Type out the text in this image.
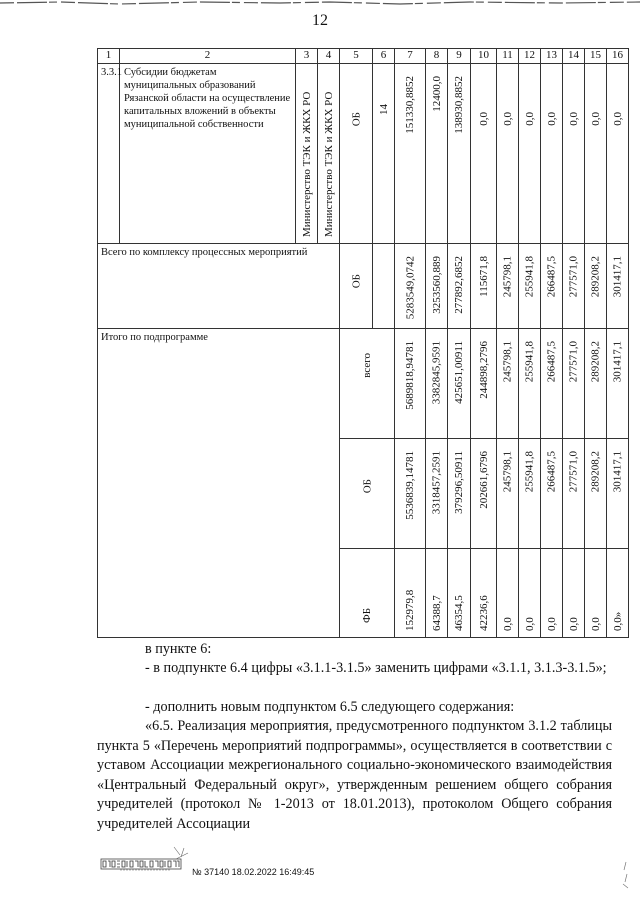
12
1	2	3	4	5	6	7	8	9	10	11	12	13	14	15	16
3.3.1	Субсидии бюджетам муниципальных образований Рязанской области на осуществление капитальных вложений в объекты муниципальной собственности	Министерство ТЭК и ЖКХ РО	Министерство ТЭК и ЖКХ РО	ОБ	14	151330,8852	12400,0	138930,8852	0,0	0,0	0,0	0,0	0,0	0,0	0,0

Всего по комплексу процессных мероприятий				ОБ		5283549,0742	3253560,889	277892,6852	115671,8	245798,1	255941,8	266487,5	277571,0	289208,2	301417,1

Итого по подпрограмме				всего		5689818,94781	3382845,9591	425651,00911	244898,2796	245798,1	255941,8	266487,5	277571,0	289208,2	301417,1

				ОБ		5536839,14781	3318457,2591	379296,50911	202661,6796	245798,1	255941,8	266487,5	277571,0	289208,2	301417,1

				ФБ		152979,8	64388,7	46354,5	42236,6	0,0	0,0	0,0	0,0	0,0	0,0»
в пункте 6:
- в подпункте 6.4 цифры «3.1.1-3.1.5» заменить цифрами «3.1.1, 3.1.3-3.1.5»;
- дополнить новым подпунктом 6.5 следующего содержания:
«6.5. Реализация мероприятия, предусмотренного подпунктом 3.1.2 таблицы пункта 5 «Перечень мероприятий подпрограммы», осуществляется в соответствии с уставом Ассоциации межрегионального социально-экономического взаимодействия «Центральный Федеральный округ», утвержденным решением общего собрания учредителей (протокол № 1-2013 от 18.01.2013), протоколом Общего собрания учредителей Ассоциации
№ 37140 18.02.2022 16:49:45
